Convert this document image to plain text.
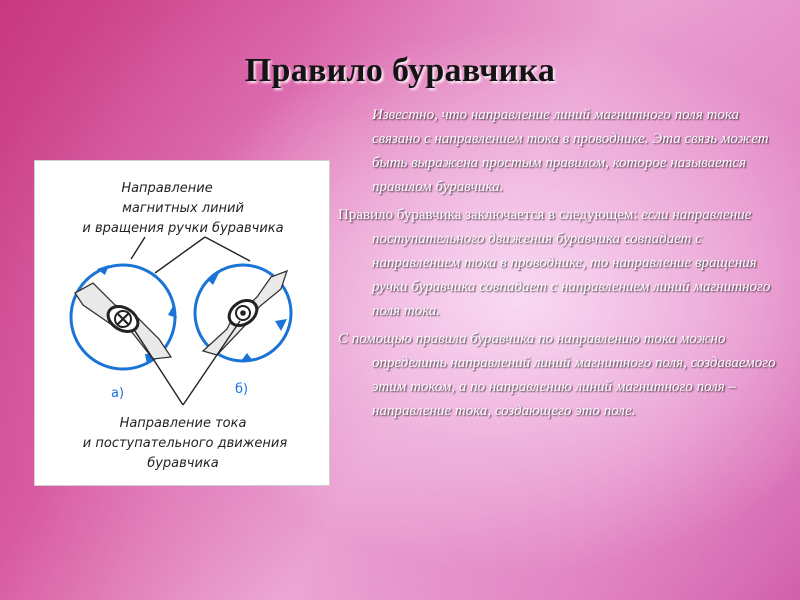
Правило буравчика
Направление
магнитных линий
и вращения ручки буравчика
а)	б)
Направление тока
и поступательного движения
буравчика

Известно, что направление линий магнитного поля тока связано с направлением тока в проводнике. Эта связь может быть выражена простым правилом, которое называется правилом буравчика.

Правило буравчика заключается в следующем: если направление поступательного движения буравчика совпадает с направлением тока в проводнике, то направление вращения ручки буравчика совпадает с направлением линий магнитного поля тока.

С помощью правила буравчика по направлению тока можно определить направлений линий магнитного поля, создаваемого этим током, а по направлению линий магнитного поля – направление тока, создающего это поле.
